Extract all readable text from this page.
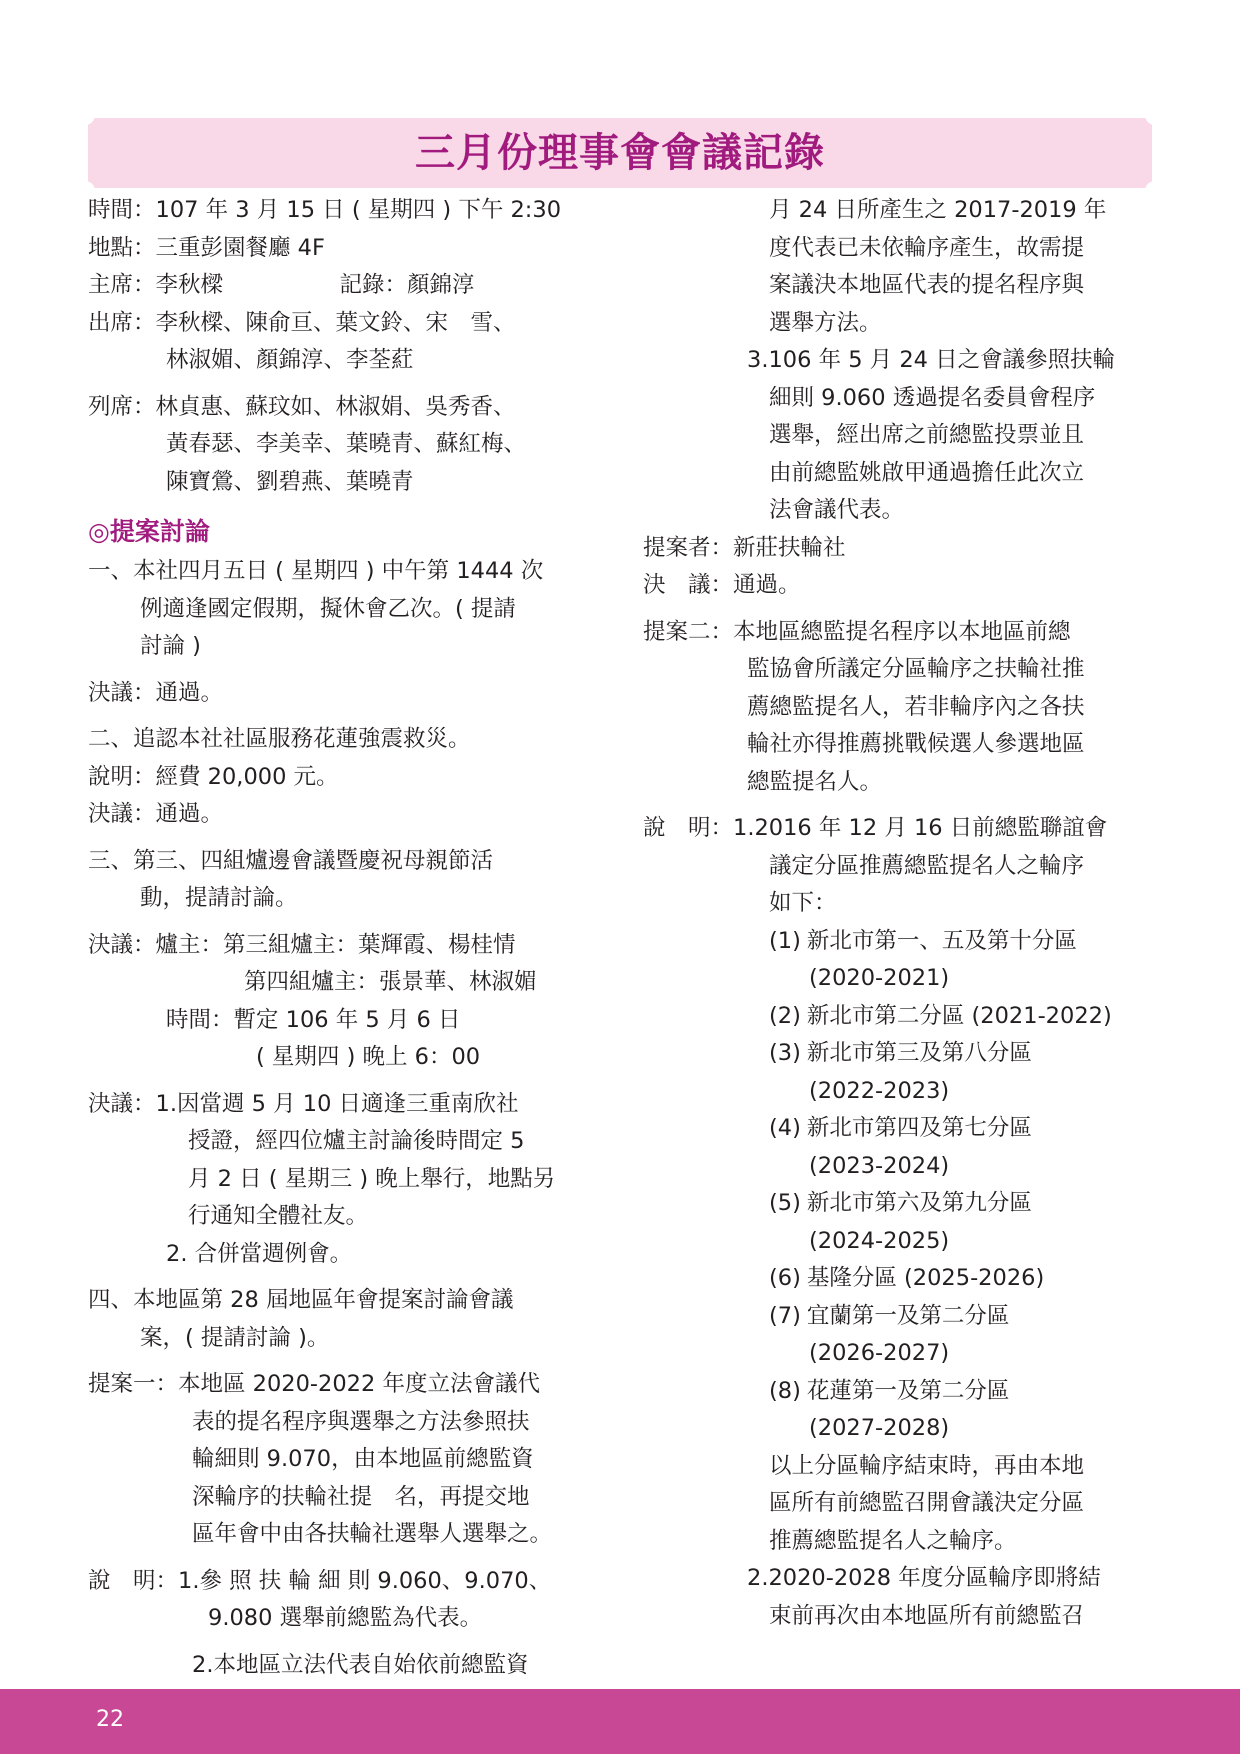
三月份理事會會議記錄

時間： 107 年 3 月 15 日 ( 星期四 ) 下午 2:30

地點： 三重彭園餐廳 4F

主席： 李秋樑	記錄： 顏錦淳

出席： 李秋樑、陳俞亘、葉文鈴、宋　雪、

林淑媚、顏錦淳、李荃葒

列席： 林貞惠、蘇玟如、林淑娟、吳秀香、

黃春瑟、李美幸、葉曉青、蘇紅梅、

陳寶鶯、劉碧燕、葉曉青

◎提案討論

一、 本社四月五日 ( 星期四 ) 中午第 1444 次

例適逢國定假期，擬休會乙次。( 提請

討論 )

決議： 通過。

二、 追認本社社區服務花蓮強震救災。

說明： 經費 20,000 元。

決議： 通過。

三、 第三、四組爐邊會議暨慶祝母親節活

動，提請討論。

決議： 爐主： 第三組爐主：葉輝霞、楊桂情

第四組爐主：張景華、林淑媚

時間： 暫定 106 年 5 月 6 日

( 星期四 ) 晚上 6：00

決議： 1. 因當週 5 月 10 日適逢三重南欣社

授證，經四位爐主討論後時間定 5

月 2 日 ( 星期三 ) 晚上舉行，地點另

行通知全體社友。

2. 合併當週例會。

四、 本地區第 28 屆地區年會提案討論會議

案，( 提請討論 )。

提案一： 本地區 2020-2022 年度立法會議代

表的提名程序與選舉之方法參照扶

輪細則 9.070，由本地區前總監資

深輪序的扶輪社提　名，再提交地

區年會中由各扶輪社選舉人選舉之。

說　明： 1. 參 照 扶 輪 細 則 9.060、9.070、

9.080 選舉前總監為代表。

2. 本地區立法代表自始依前總監資

月 24 日所產生之 2017-2019 年

度代表已未依輪序產生，故需提

案議決本地區代表的提名程序與

選舉方法。

3. 106 年 5 月 24 日之會議參照扶輪

細則 9.060 透過提名委員會程序

選舉，經出席之前總監投票並且

由前總監姚啟甲通過擔任此次立

法會議代表。

提案者： 新莊扶輪社

決　議： 通過。

提案二： 本地區總監提名程序以本地區前總

監協會所議定分區輪序之扶輪社推

薦總監提名人，若非輪序內之各扶

輪社亦得推薦挑戰候選人參選地區

總監提名人。

說　明： 1. 2016 年 12 月 16 日前總監聯誼會

議定分區推薦總監提名人之輪序

如下：

(1) 新北市第一、五及第十分區

(2020-2021)

(2) 新北市第二分區 (2021-2022)

(3) 新北市第三及第八分區

(2022-2023)

(4) 新北市第四及第七分區

(2023-2024)

(5) 新北市第六及第九分區

(2024-2025)

(6) 基隆分區 (2025-2026)

(7) 宜蘭第一及第二分區

(2026-2027)

(8) 花蓮第一及第二分區

(2027-2028)

以上分區輪序結束時，再由本地

區所有前總監召開會議決定分區

推薦總監提名人之輪序。

2. 2020-2028 年度分區輪序即將結

束前再次由本地區所有前總監召

22
